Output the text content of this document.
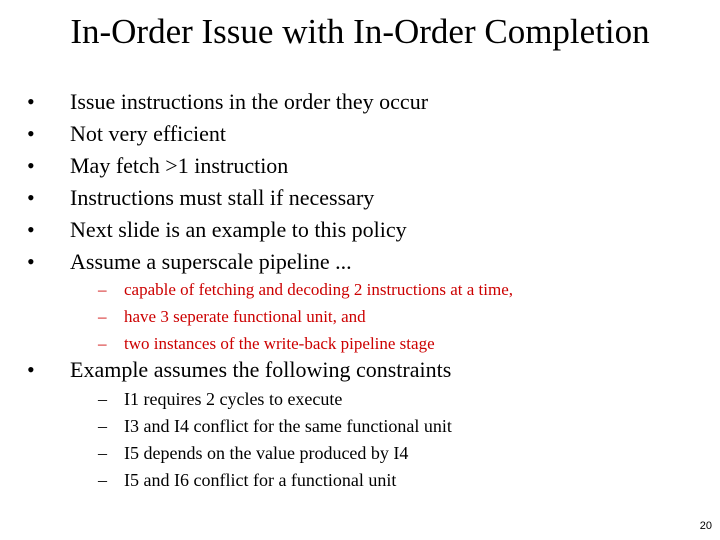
In-Order Issue with In-Order Completion
•	Issue instructions in the order they occur
•	Not very efficient
•	May fetch >1 instruction
•	Instructions must stall if necessary
•	Next slide is an example to this policy
•	Assume a superscale pipeline ...
–	capable of fetching and decoding 2 instructions at a time,
–	have 3 seperate functional unit, and
–	two instances of the write-back pipeline stage
•	Example assumes the following constraints
– I1 requires 2 cycles to execute
– I3 and I4 conflict for the same functional unit
– I5 depends on the value produced by I4
– I5 and I6 conflict for a functional unit
20
